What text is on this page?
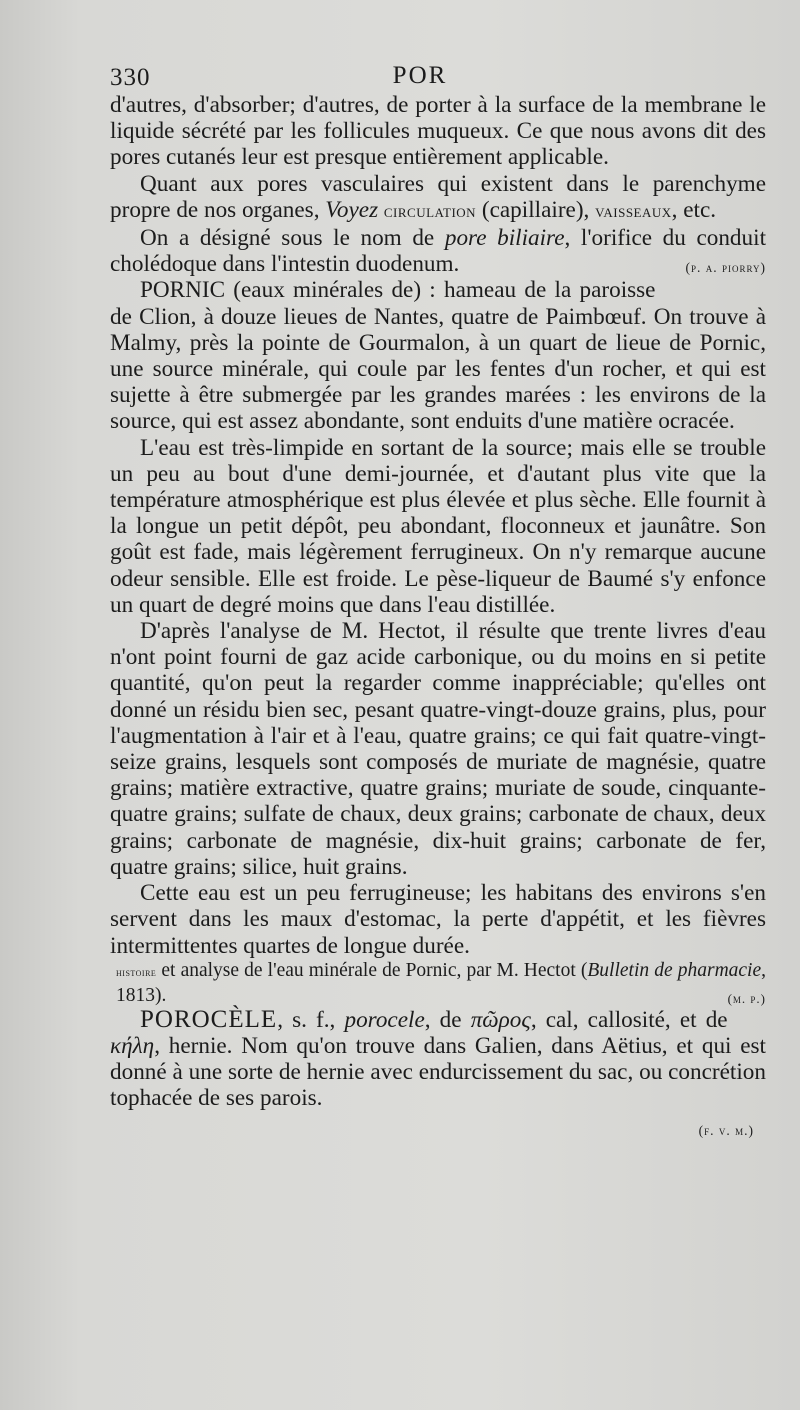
330	POR

d'autres, d'absorber; d'autres, de porter à la surface de la membrane le liquide sécrété par les follicules muqueux. Ce que nous avons dit des pores cutanés leur est presque entièrement applicable.

Quant aux pores vasculaires qui existent dans le parenchyme propre de nos organes, Voyez circulation (capillaire), vaisseaux, etc.

On a désigné sous le nom de pore biliaire, l'orifice du conduit cholédoque dans l'intestin duodenum.	(p. a. piorry)

PORNIC (eaux minérales de) : hameau de la paroisse de Clion, à douze lieues de Nantes, quatre de Paimbœuf. On trouve à Malmy, près la pointe de Gourmalon, à un quart de lieue de Pornic, une source minérale, qui coule par les fentes d'un rocher, et qui est sujette à être submergée par les grandes marées : les environs de la source, qui est assez abondante, sont enduits d'une matière ocracée.

L'eau est très-limpide en sortant de la source; mais elle se trouble un peu au bout d'une demi-journée, et d'autant plus vite que la température atmosphérique est plus élevée et plus sèche. Elle fournit à la longue un petit dépôt, peu abondant, floconneux et jaunâtre. Son goût est fade, mais légèrement ferrugineux. On n'y remarque aucune odeur sensible. Elle est froide. Le pèse-liqueur de Baumé s'y enfonce un quart de degré moins que dans l'eau distillée.

D'après l'analyse de M. Hectot, il résulte que trente livres d'eau n'ont point fourni de gaz acide carbonique, ou du moins en si petite quantité, qu'on peut la regarder comme inappréciable; qu'elles ont donné un résidu bien sec, pesant quatre-vingt-douze grains, plus, pour l'augmentation à l'air et à l'eau, quatre grains; ce qui fait quatre-vingt-seize grains, lesquels sont composés de muriate de magnésie, quatre grains; matière extractive, quatre grains; muriate de soude, cinquante-quatre grains; sulfate de chaux, deux grains; carbonate de chaux, deux grains; carbonate de magnésie, dix-huit grains; carbonate de fer, quatre grains; silice, huit grains.

Cette eau est un peu ferrugineuse; les habitans des environs s'en servent dans les maux d'estomac, la perte d'appétit, et les fièvres intermittentes quartes de longue durée.

histoire et analyse de l'eau minérale de Pornic, par M. Hectot (Bulletin de pharmacie, 1813).	(m. p.)

POROCÈLE, s. f., porocele, de πῶρος, cal, callosité, et de κήλη, hernie. Nom qu'on trouve dans Galien, dans Aëtius, et qui est donné à une sorte de hernie avec endurcissement du sac, ou concrétion tophacée de ses parois.

(f. v. m.)
